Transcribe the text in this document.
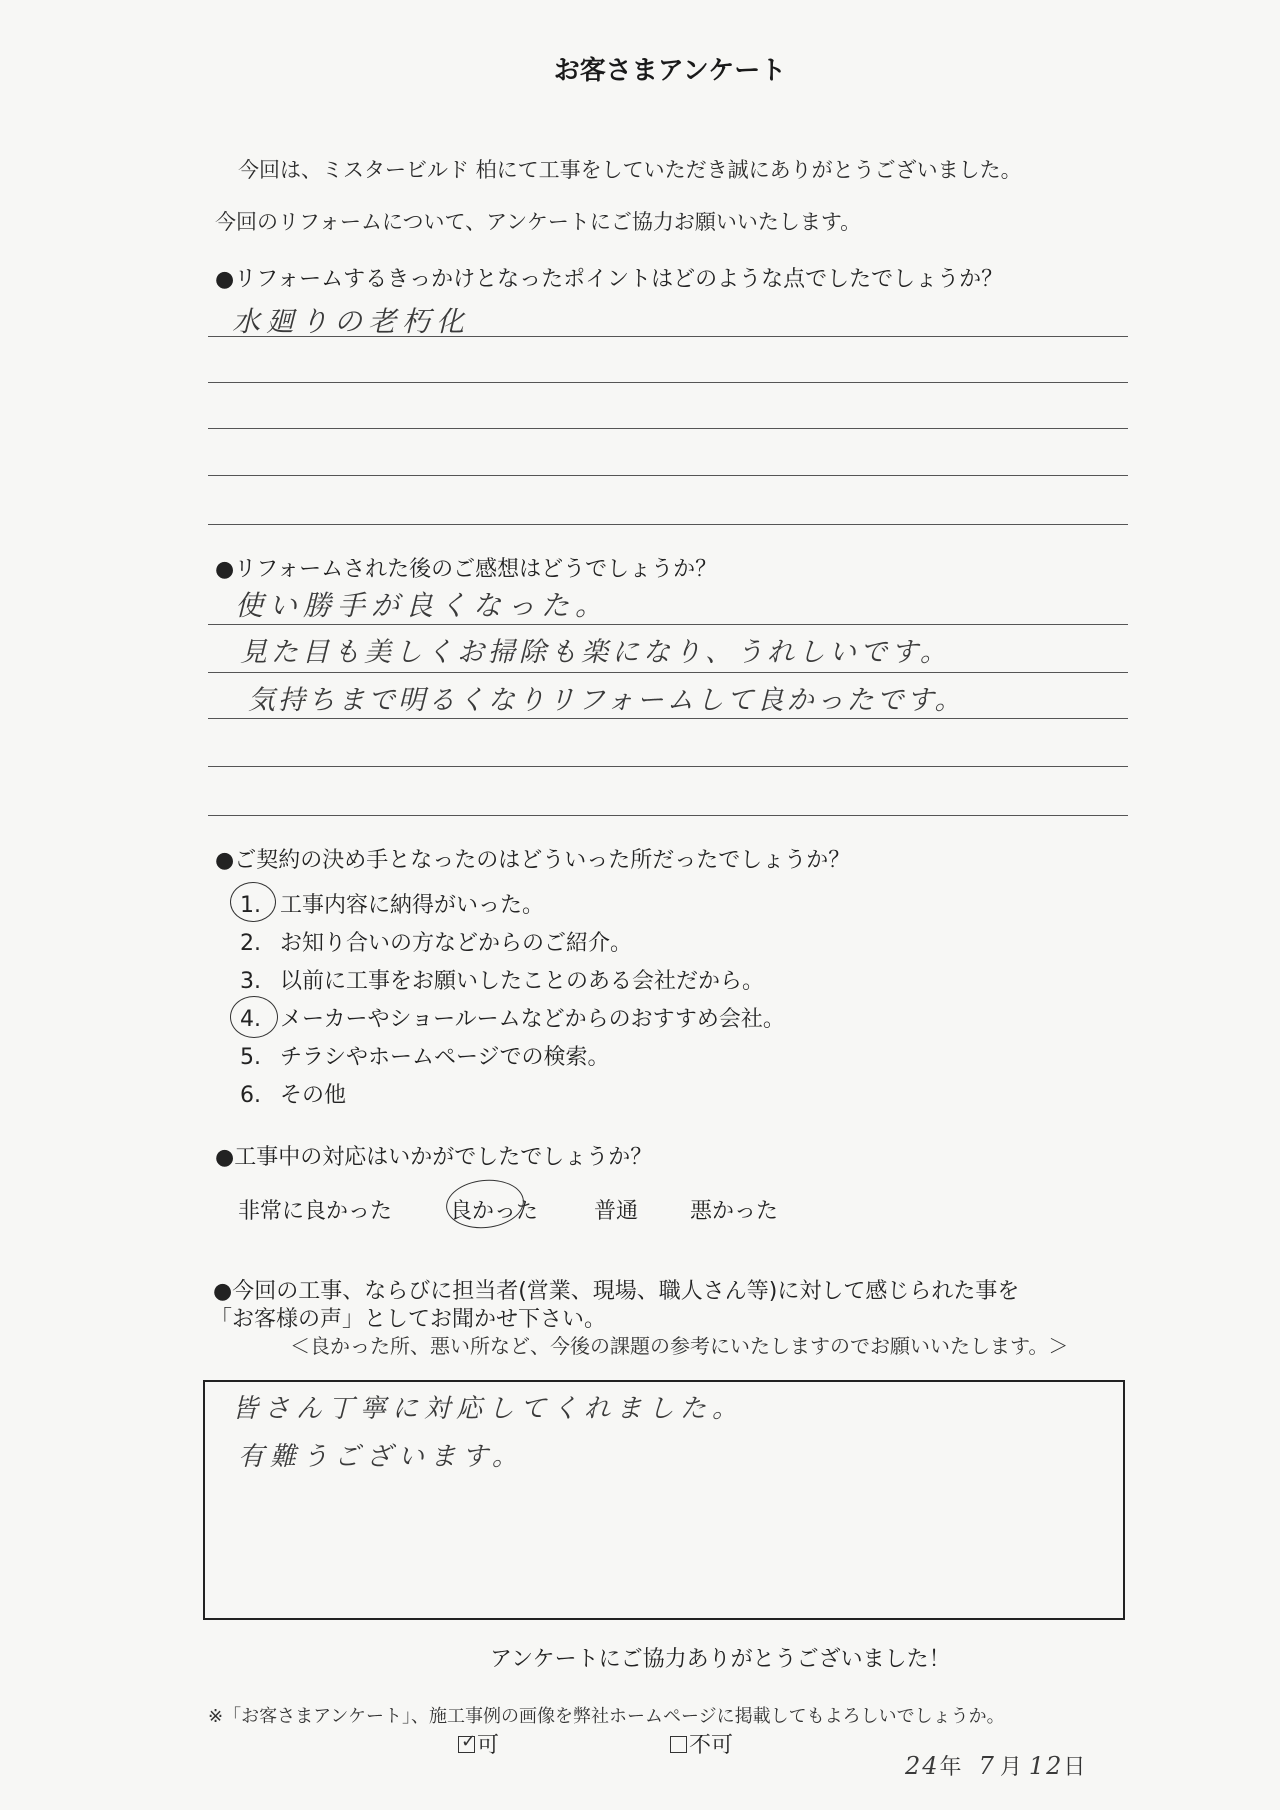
お客さまアンケート
今回は、ミスタービルド 柏にて工事をしていただき誠にありがとうございました。
今回のリフォームについて、アンケートにご協力お願いいたします。
●リフォームするきっかけとなったポイントはどのような点でしたでしょうか？
水廻りの老朽化
●リフォームされた後のご感想はどうでしょうか？
使い勝手が良くなった。
見た目も美しくお掃除も楽になり、うれしいです。
気持ちまで明るくなりリフォームして良かったです。
●ご契約の決め手となったのはどういった所だったでしょうか？
1. 工事内容に納得がいった。
2. お知り合いの方などからのご紹介。
3. 以前に工事をお願いしたことのある会社だから。
4. メーカーやショールームなどからのおすすめ会社。
5. チラシやホームページでの検索。
6. その他
●工事中の対応はいかがでしたでしょうか？
非常に良かった	良かった	普通 悪かった
●今回の工事、ならびに担当者(営業、現場、職人さん等)に対して感じられた事を
「お客様の声」としてお聞かせ下さい。
＜良かった所、悪い所など、今後の課題の参考にいたしますのでお願いいたします。＞
皆さん丁寧に対応してくれました。
有難うございます。
アンケートにご協力ありがとうございました！
※「お客さまアンケート」、施工事例の画像を弊社ホームページに掲載してもよろしいでしょうか。
✓ 可	不可
24年 7月 12日
